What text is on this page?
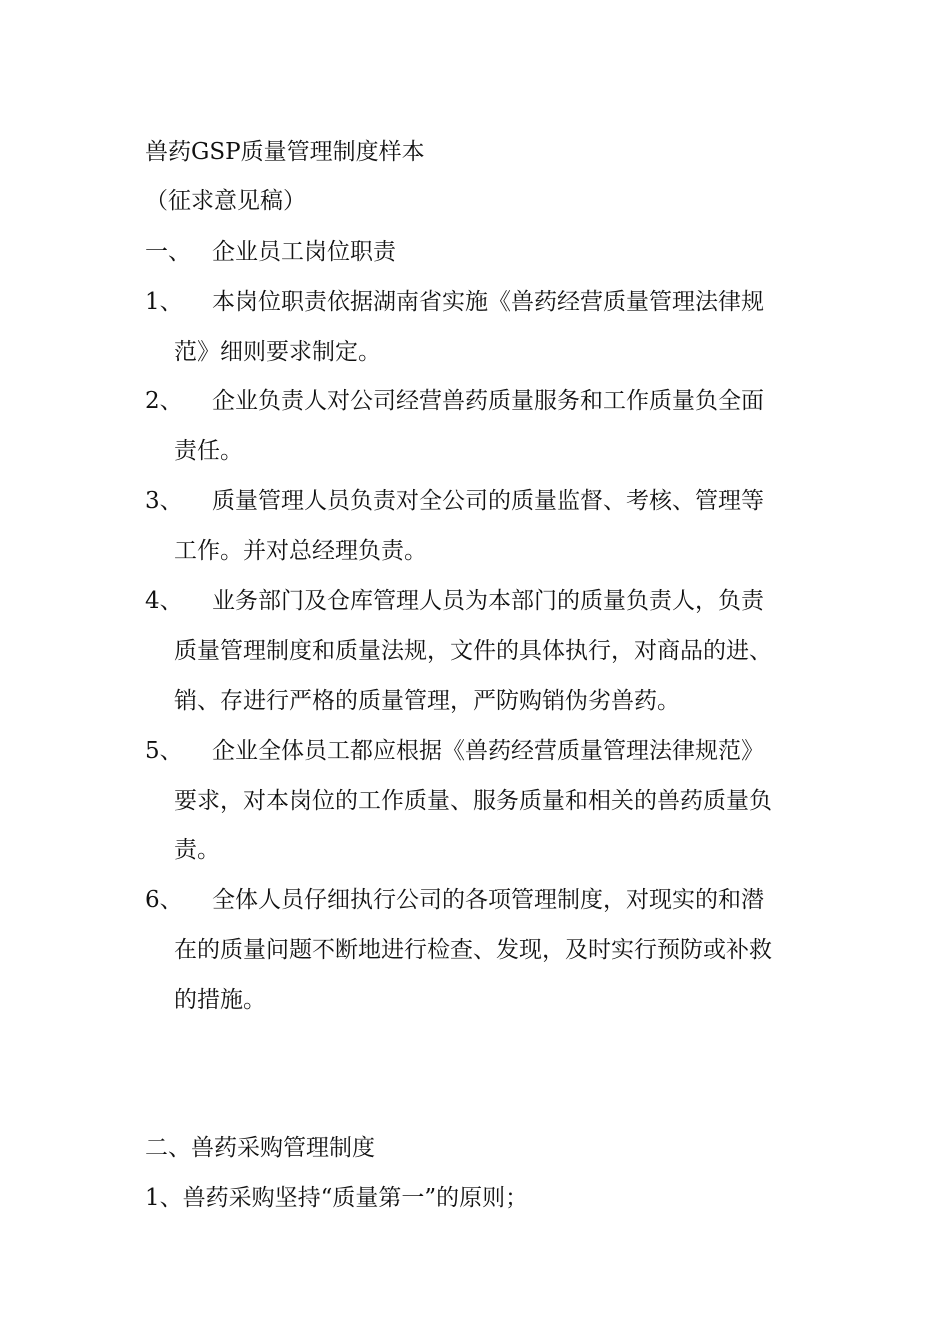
兽药GSP质量管理制度样本
（征求意见稿）
一、 企业员工岗位职责
1、 本岗位职责依据湖南省实施《兽药经营质量管理法律规
范》细则要求制定。
2、 企业负责人对公司经营兽药质量服务和工作质量负全面
责任。
3、 质量管理人员负责对全公司的质量监督、考核、管理等
工作。并对总经理负责。
4、 业务部门及仓库管理人员为本部门的质量负责人，负责
质量管理制度和质量法规，文件的具体执行，对商品的进、
销、存进行严格的质量管理，严防购销伪劣兽药。
5、 企业全体员工都应根据《兽药经营质量管理法律规范》
要求，对本岗位的工作质量、服务质量和相关的兽药质量负
责。
6、 全体人员仔细执行公司的各项管理制度，对现实的和潜
在的质量问题不断地进行检查、发现，及时实行预防或补救
的措施。
二、兽药采购管理制度
1、兽药采购坚持“质量第一”的原则；
